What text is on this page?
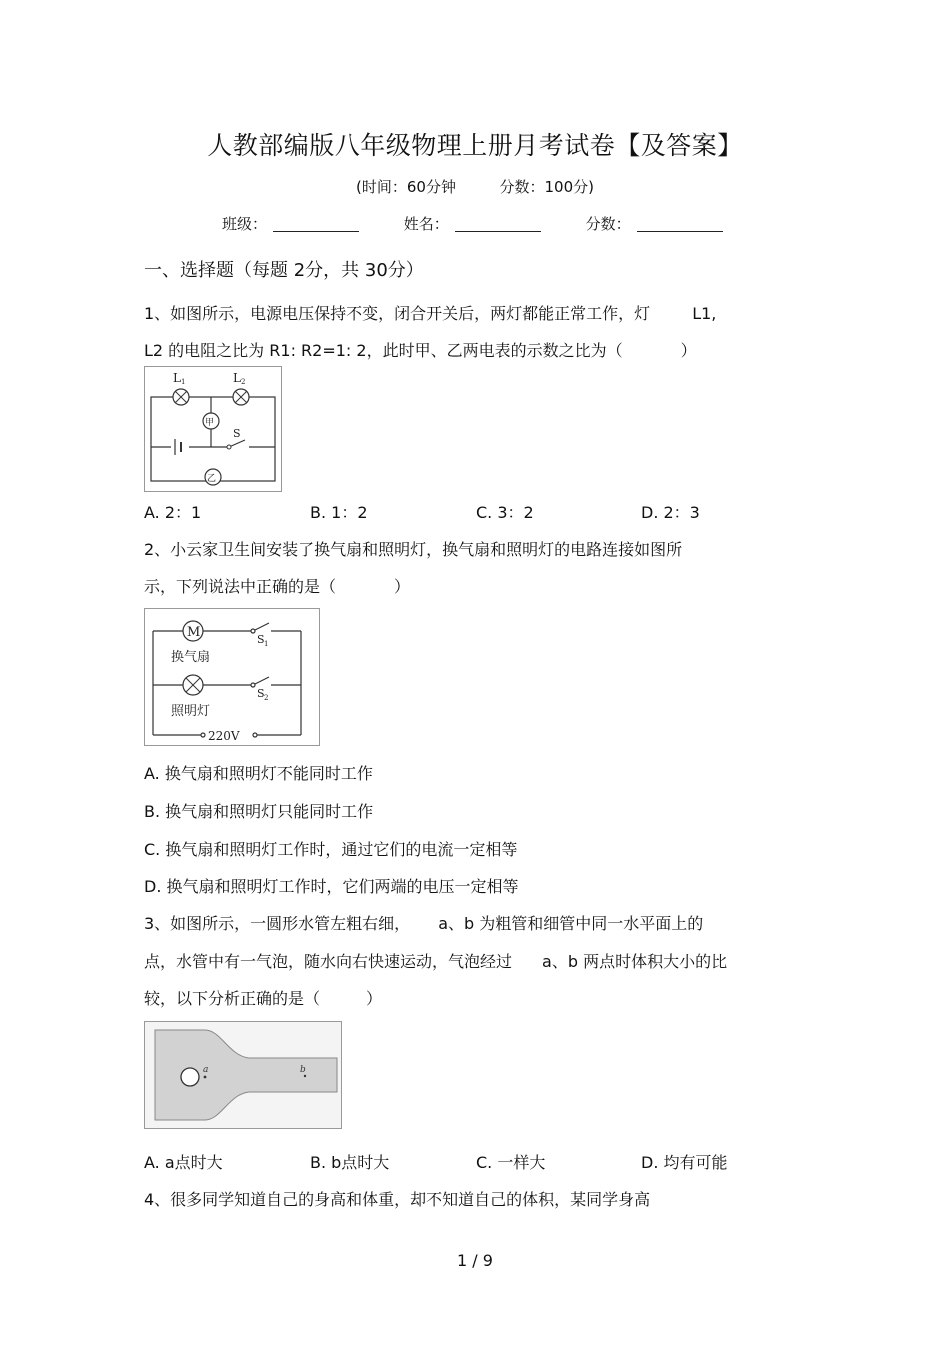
人教部编版八年级物理上册月考试卷【及答案】
(时间：60分钟	分数：100分)
班级：	姓名：	分数：
一、选择题（每题 2分，共 30分）
1、如图所示，电源电压保持不变，闭合开关后，两灯都能正常工作，灯	L1,
L2 的电阻之比为 R1: R2=1: 2，此时甲、乙两电表的示数之比为（	）
L 1	L 2
甲
乙
S
A. 2：1	B. 1：2	C. 3：2	D. 2：3
2、小云家卫生间安装了换气扇和照明灯，换气扇和照明灯的电路连接如图所
示，下列说法中正确的是（	）
M
换气扇
照明灯
S 1
S 2
220V
A. 换气扇和照明灯不能同时工作
B. 换气扇和照明灯只能同时工作
C. 换气扇和照明灯工作时，通过它们的电流一定相等
D. 换气扇和照明灯工作时，它们两端的电压一定相等
3、如图所示，一圆形水管左粗右细， a、b 为粗管和细管中同一水平面上的
点，水管中有一气泡，随水向右快速运动，气泡经过 a、b 两点时体积大小的比
较，以下分析正确的是（	）
a	b
A. a点时大	B. b点时大	C. 一样大	D. 均有可能
4、很多同学知道自己的身高和体重，却不知道自己的体积，某同学身高
1 / 9
